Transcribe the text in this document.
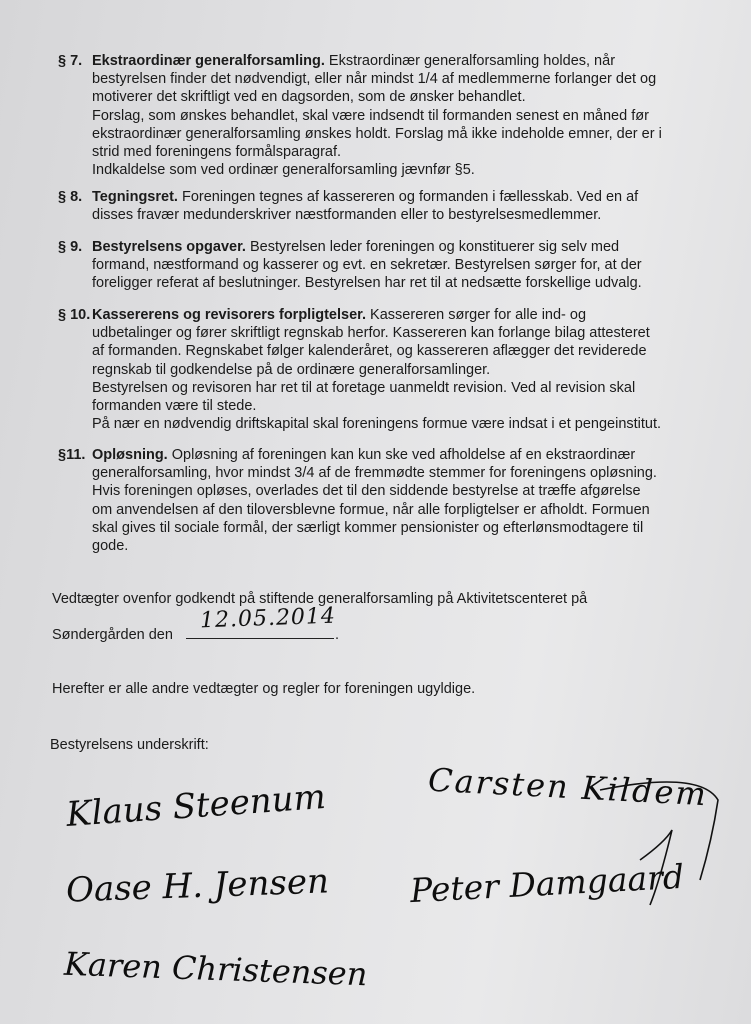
§ 7. Ekstraordinær generalforsamling. Ekstraordinær generalforsamling holdes, når
bestyrelsen finder det nødvendigt, eller når mindst 1/4 af medlemmerne forlanger det og
motiverer det skriftligt ved en dagsorden, som de ønsker behandlet.
Forslag, som ønskes behandlet, skal være indsendt til formanden senest en måned før
ekstraordinær generalforsamling ønskes holdt. Forslag må ikke indeholde emner, der er i
strid med foreningens formålsparagraf.
Indkaldelse som ved ordinær generalforsamling jævnfør §5.
§ 8. Tegningsret. Foreningen tegnes af kassereren og formanden i fællesskab. Ved en af
disses fravær medunderskriver næstformanden eller to bestyrelsesmedlemmer.
§ 9. Bestyrelsens opgaver. Bestyrelsen leder foreningen og konstituerer sig selv med
formand, næstformand og kasserer og evt. en sekretær. Bestyrelsen sørger for, at der
foreligger referat af beslutninger. Bestyrelsen har ret til at nedsætte forskellige udvalg.
§ 10. Kassererens og revisorers forpligtelser. Kassereren sørger for alle ind- og
udbetalinger og fører skriftligt regnskab herfor. Kassereren kan forlange bilag attesteret
af formanden. Regnskabet følger kalenderåret, og kassereren aflægger det reviderede
regnskab til godkendelse på de ordinære generalforsamlinger.
Bestyrelsen og revisoren har ret til at foretage uanmeldt revision. Ved al revision skal
formanden være til stede.
På nær en nødvendig driftskapital skal foreningens formue være indsat i et pengeinstitut.
§11. Opløsning. Opløsning af foreningen kan kun ske ved afholdelse af en ekstraordinær
generalforsamling, hvor mindst 3/4 af de fremmødte stemmer for foreningens opløsning.
Hvis foreningen opløses, overlades det til den siddende bestyrelse at træffe afgørelse
om anvendelsen af den tiloversblevne formue, når alle forpligtelser er afholdt. Formuen
skal gives til sociale formål, der særligt kommer pensionister og efterlønsmodtagere til
gode.
Vedtægter ovenfor godkendt på stiftende generalforsamling på Aktivitetscenteret på
Søndergården den	.
12.05.2014
Herefter er alle andre vedtægter og regler for foreningen ugyldige.
Bestyrelsens underskrift:
Klaus Steenum	Carsten Kildem
Oase H. Jensen Peter Damgaard
Karen Christensen
